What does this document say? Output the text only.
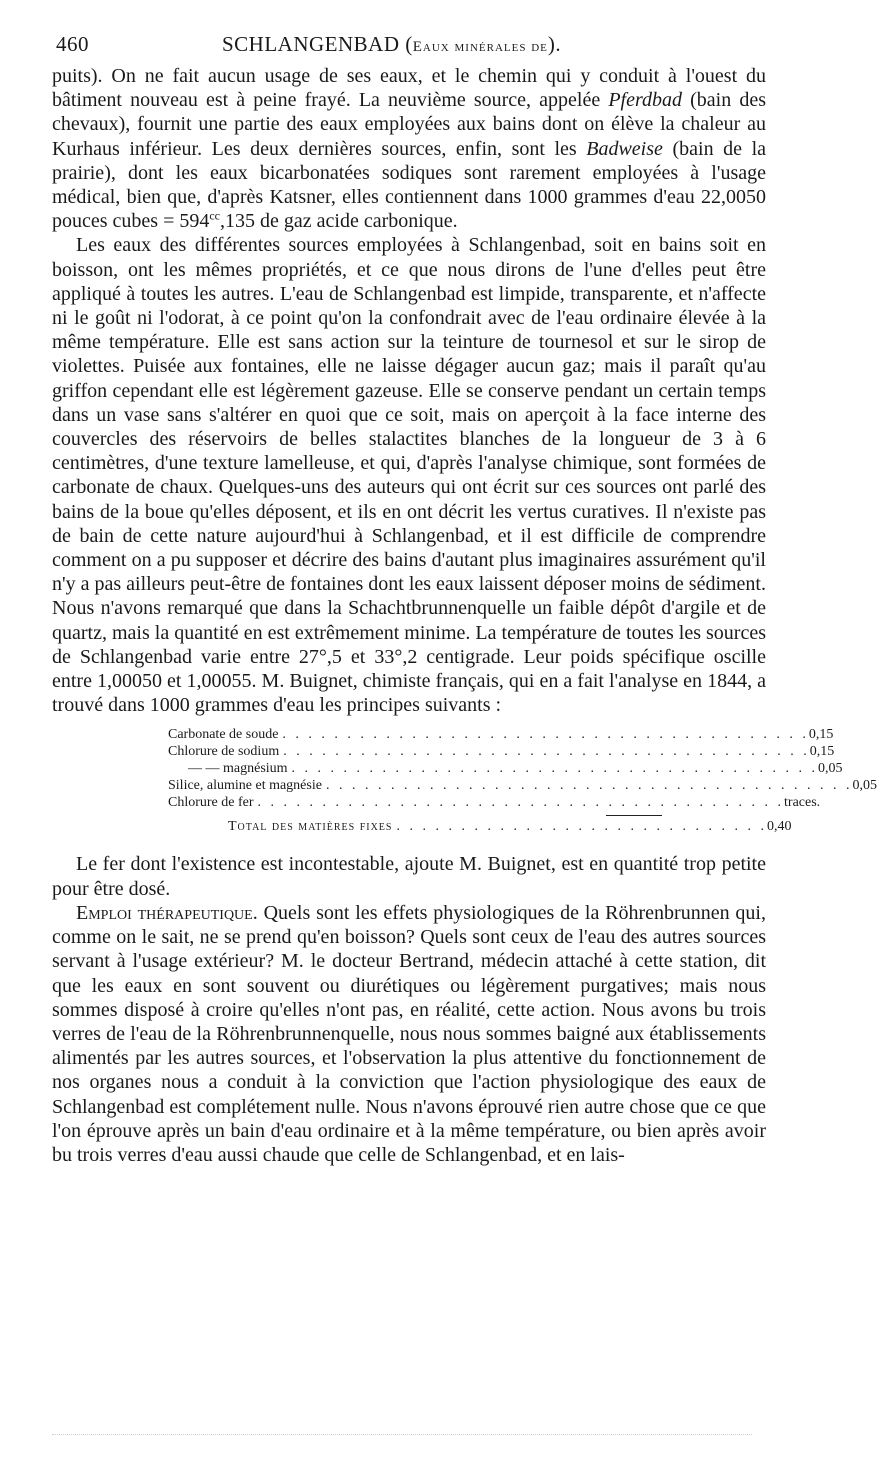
460	SCHLANGENBAD (Eaux minérales de).

puits). On ne fait aucun usage de ses eaux, et le chemin qui y conduit à l'ouest du bâtiment nouveau est à peine frayé. La neuvième source, appelée Pferdbad (bain des chevaux), fournit une partie des eaux employées aux bains dont on élève la chaleur au Kurhaus inférieur. Les deux dernières sources, enfin, sont les Badweise (bain de la prairie), dont les eaux bicarbonatées sodiques sont rarement employées à l'usage médical, bien que, d'après Katsner, elles contiennent dans 1000 grammes d'eau 22,0050 pouces cubes = $594^{cc},135$ de gaz acide carbonique.

Les eaux des différentes sources employées à Schlangenbad, soit en bains soit en boisson, ont les mêmes propriétés, et ce que nous dirons de l'une d'elles peut être appliqué à toutes les autres. L'eau de Schlangenbad est limpide, transparente, et n'affecte ni le goût ni l'odorat, à ce point qu'on la confondrait avec de l'eau ordinaire élevée à la même température. Elle est sans action sur la teinture de tournesol et sur le sirop de violettes. Puisée aux fontaines, elle ne laisse dégager aucun gaz; mais il paraît qu'au griffon cependant elle est légèrement gazeuse. Elle se conserve pendant un certain temps dans un vase sans s'altérer en quoi que ce soit, mais on aperçoit à la face interne des couvercles des réservoirs de belles stalactites blanches de la longueur de 3 à 6 centimètres, d'une texture lamelleuse, et qui, d'après l'analyse chimique, sont formées de carbonate de chaux. Quelques-uns des auteurs qui ont écrit sur ces sources ont parlé des bains de la boue qu'elles déposent, et ils en ont décrit les vertus curatives. Il n'existe pas de bain de cette nature aujourd'hui à Schlangenbad, et il est difficile de comprendre comment on a pu supposer et décrire des bains d'autant plus imaginaires assurément qu'il n'y a pas ailleurs peut-être de fontaines dont les eaux laissent déposer moins de sédiment. Nous n'avons remarqué que dans la Schachtbrunnenquelle un faible dépôt d'argile et de quartz, mais la quantité en est extrêmement minime. La température de toutes les sources de Schlangenbad varie entre 27°,5 et 33°,2 centigrade. Leur poids spécifique oscille entre 1,00050 et 1,00055. M. Buignet, chimiste français, qui en a fait l'analyse en 1844, a trouvé dans 1000 grammes d'eau les principes suivants :

Carbonate de soude . . . . . . . . . . . . . . . . . . . . . . . . . . . . . . . . . . . . . . . . . 0,15
Chlorure de sodium . . . . . . . . . . . . . . . . . . . . . . . . . . . . . . . . . . . . . . . . . 0,15
— — magnésium . . . . . . . . . . . . . . . . . . . . . . . . . . . . . . . . . . . . . . . . . 0,05
Silice, alumine et magnésie . . . . . . . . . . . . . . . . . . . . . . . . . . . . . . . . . . . . . . . . . 0,05
Chlorure de fer . . . . . . . . . . . . . . . . . . . . . . . . . . . . . . . . . . . . . . . . . traces.
Total des matières fixes . . . . . . . . . . . . . . . . . . . . . . . . . . . . . 0,40

Le fer dont l'existence est incontestable, ajoute M. Buignet, est en quantité trop petite pour être dosé.

Emploi thérapeutique. Quels sont les effets physiologiques de la Röhrenbrunnen qui, comme on le sait, ne se prend qu'en boisson? Quels sont ceux de l'eau des autres sources servant à l'usage extérieur? M. le docteur Bertrand, médecin attaché à cette station, dit que les eaux en sont souvent ou diurétiques ou légèrement purgatives; mais nous sommes disposé à croire qu'elles n'ont pas, en réalité, cette action. Nous avons bu trois verres de l'eau de la Röhrenbrunnenquelle, nous nous sommes baigné aux établissements alimentés par les autres sources, et l'observation la plus attentive du fonctionnement de nos organes nous a conduit à la conviction que l'action physiologique des eaux de Schlangenbad est complétement nulle. Nous n'avons éprouvé rien autre chose que ce que l'on éprouve après un bain d'eau ordinaire et à la même température, ou bien après avoir bu trois verres d'eau aussi chaude que celle de Schlangenbad, et en lais-
